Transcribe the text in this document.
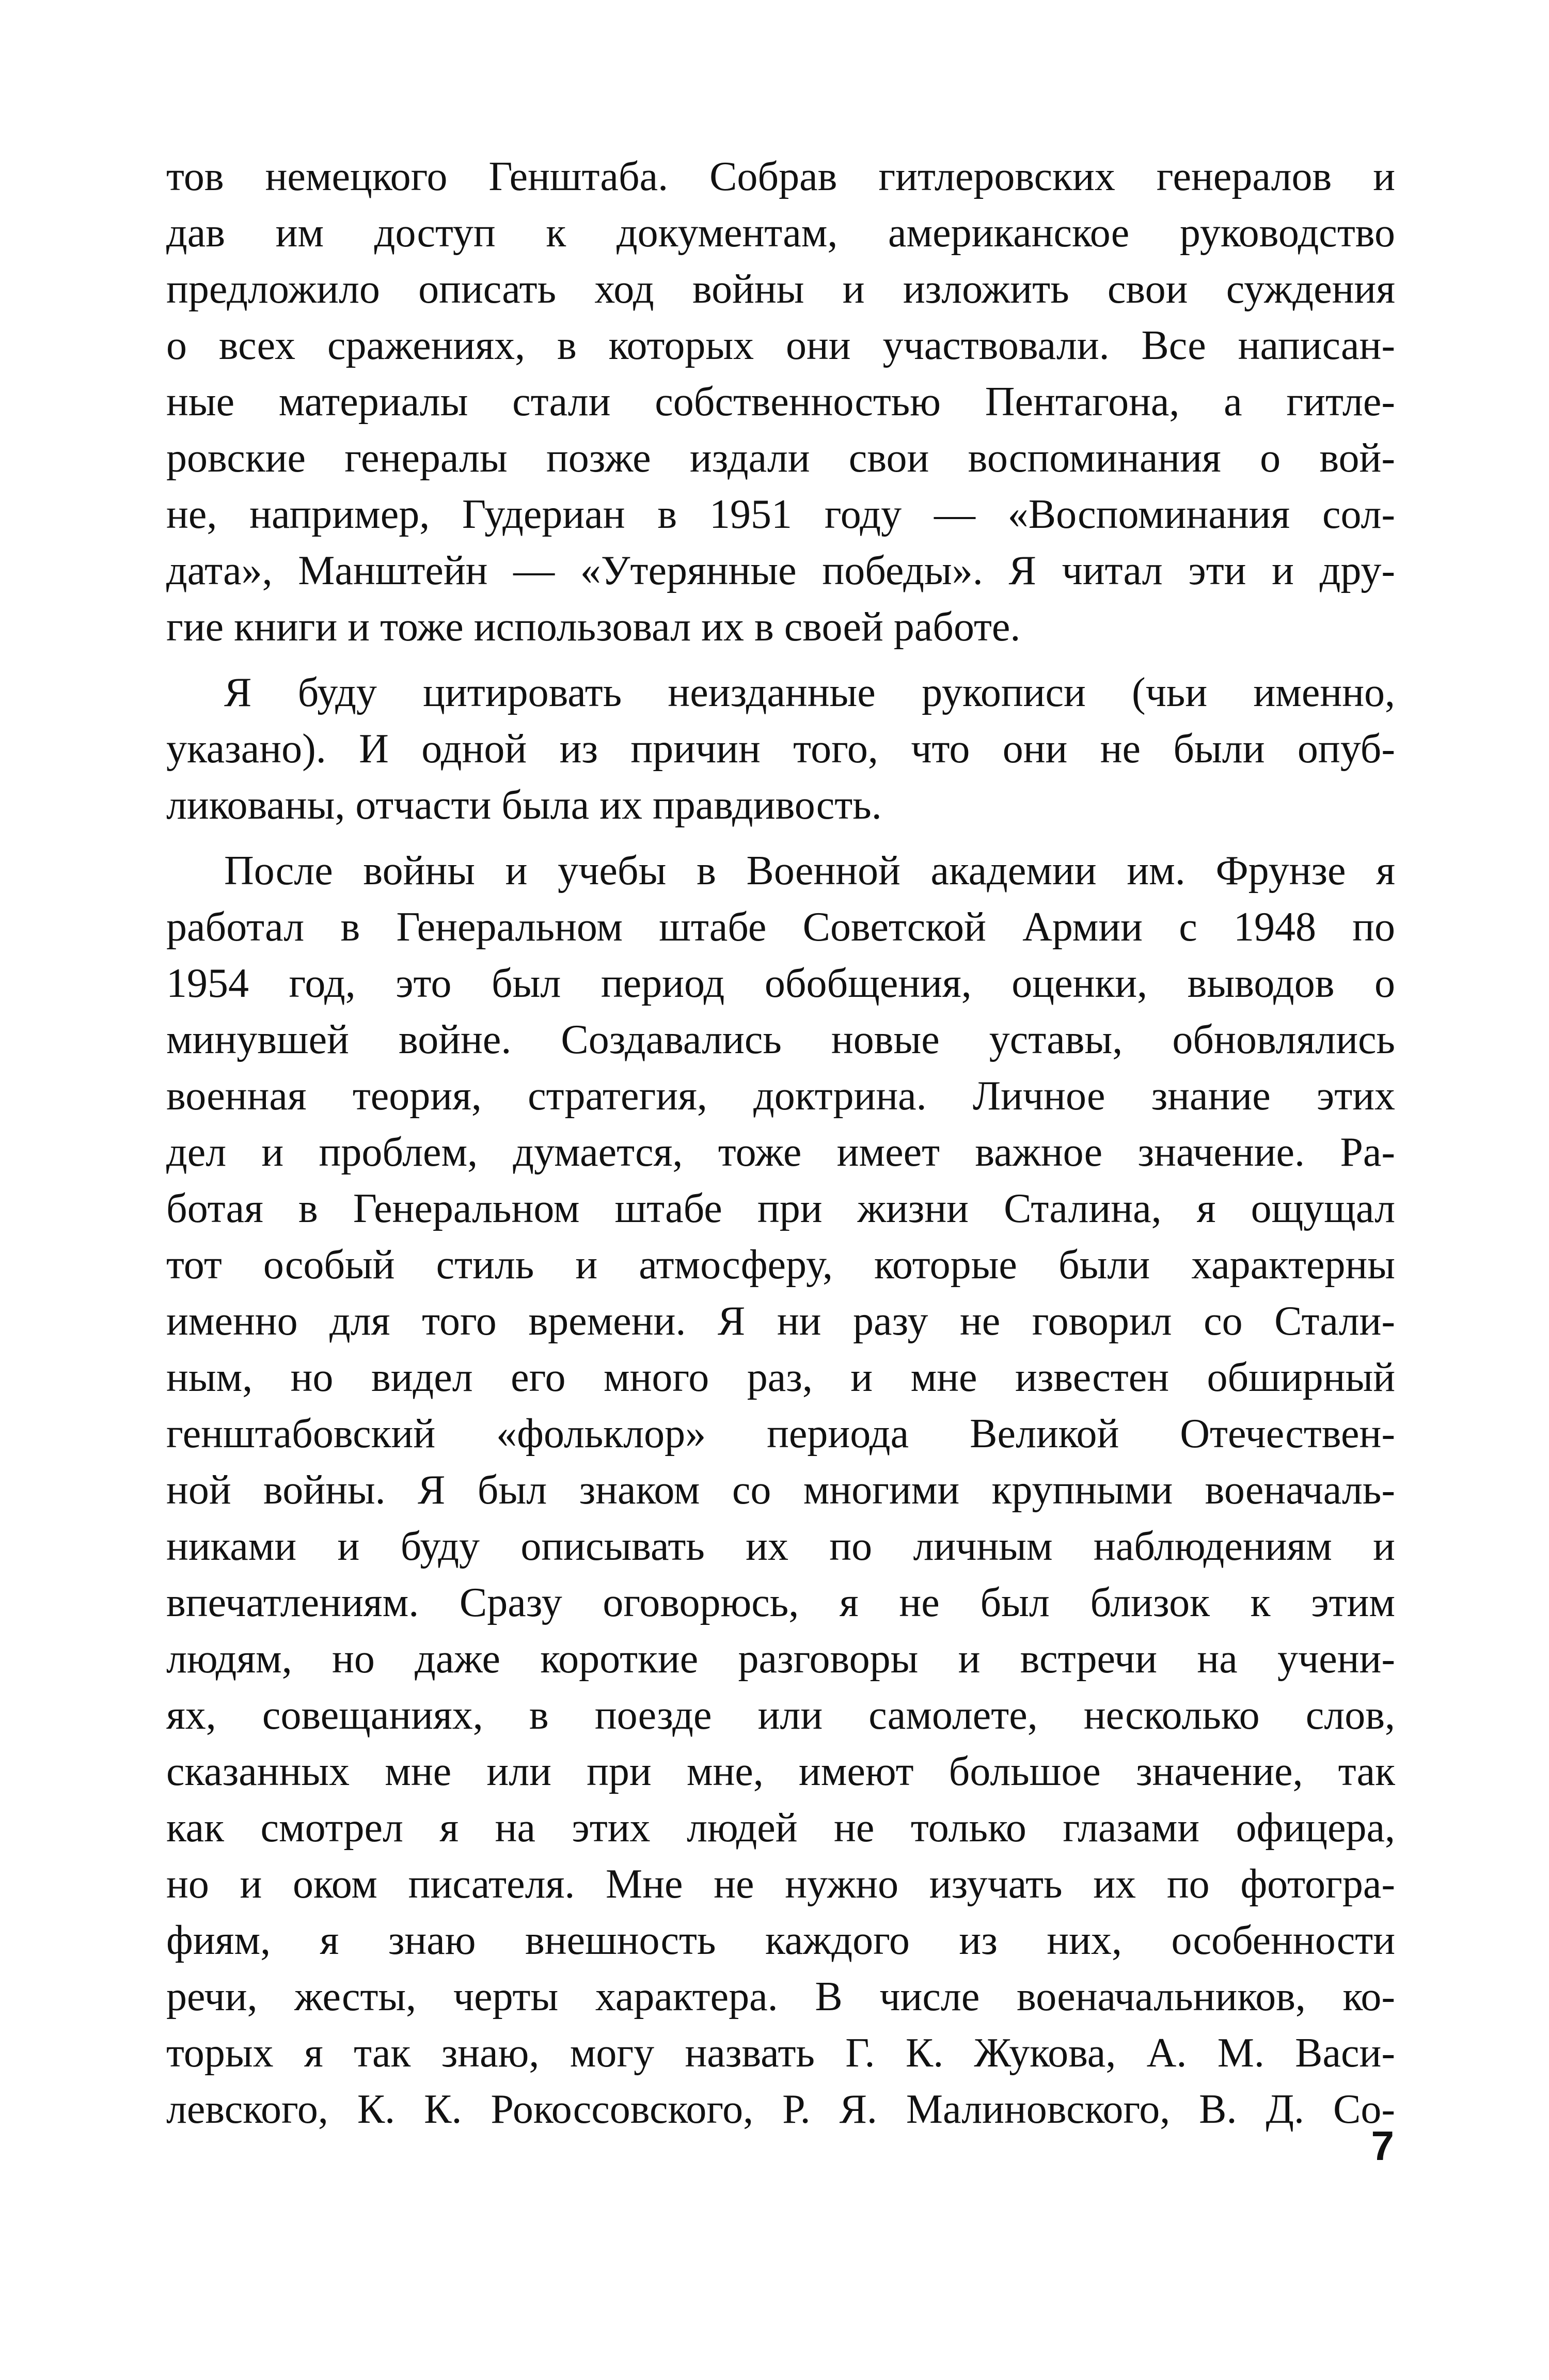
тов немецкого Генштаба. Собрав гитлеровских генералов и
дав им доступ к документам, американское руководство
предложило описать ход войны и изложить свои суждения
о всех сражениях, в которых они участвовали. Все написан-
ные материалы стали собственностью Пентагона, а гитле-
ровские генералы позже издали свои воспоминания о вой-
не, например, Гудериан в 1951 году — «Воспоминания сол-
дата», Манштейн — «Утерянные победы». Я читал эти и дру-
гие книги и тоже использовал их в своей работе.
Я буду цитировать неизданные рукописи (чьи именно,
указано). И одной из причин того, что они не были опуб-
ликованы, отчасти была их правдивость.
После войны и учебы в Военной академии им. Фрунзе я
работал в Генеральном штабе Советской Армии с 1948 по
1954 год, это был период обобщения, оценки, выводов о
минувшей войне. Создавались новые уставы, обновлялись
военная теория, стратегия, доктрина. Личное знание этих
дел и проблем, думается, тоже имеет важное значение. Ра-
ботая в Генеральном штабе при жизни Сталина, я ощущал
тот особый стиль и атмосферу, которые были характерны
именно для того времени. Я ни разу не говорил со Стали-
ным, но видел его много раз, и мне известен обширный
генштабовский «фольклор» периода Великой Отечествен-
ной войны. Я был знаком со многими крупными военачаль-
никами и буду описывать их по личным наблюдениям и
впечатлениям. Сразу оговорюсь, я не был близок к этим
людям, но даже короткие разговоры и встречи на учени-
ях, совещаниях, в поезде или самолете, несколько слов,
сказанных мне или при мне, имеют большое значение, так
как смотрел я на этих людей не только глазами офицера,
но и оком писателя. Мне не нужно изучать их по фотогра-
фиям, я знаю внешность каждого из них, особенности
речи, жесты, черты характера. В числе военачальников, ко-
торых я так знаю, могу назвать Г. К. Жукова, А. М. Васи-
левского, К. К. Рокоссовского, Р. Я. Малиновского, В. Д. Со-
7
